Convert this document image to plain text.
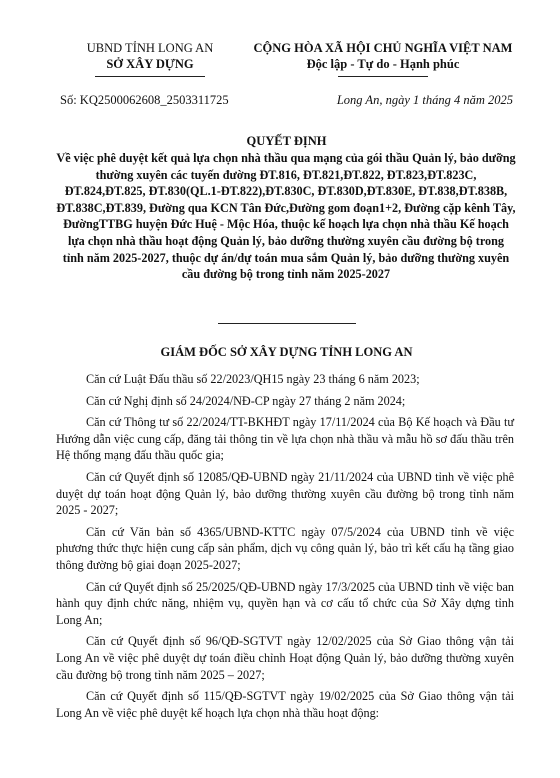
UBND TỈNH LONG AN
SỞ XÂY DỰNG
CỘNG HÒA XÃ HỘI CHỦ NGHĨA VIỆT NAM
Độc lập - Tự do - Hạnh phúc
Số: KQ2500062608_2503311725	Long An, ngày 1 tháng 4 năm 2025
QUYẾT ĐỊNH
Về việc phê duyệt kết quả lựa chọn nhà thầu qua mạng của gói thầu Quản lý, bảo dưỡng thường xuyên các tuyến đường ĐT.816, ĐT.821,ĐT.822, ĐT.823,ĐT.823C, ĐT.824,ĐT.825, ĐT.830(QL.1-ĐT.822),ĐT.830C, ĐT.830D,ĐT.830E, ĐT.838,ĐT.838B, ĐT.838C,ĐT.839, Đường qua KCN Tân Đức,Đường gom đoạn1+2, Đường cặp kênh Tây, ĐườngTTBG huyện Đức Huệ - Mộc Hóa, thuộc kế hoạch lựa chọn nhà thầu Kế hoạch lựa chọn nhà thầu hoạt động Quản lý, bảo dưỡng thường xuyên cầu đường bộ trong tỉnh năm 2025-2027, thuộc dự án/dự toán mua sắm Quản lý, bảo dưỡng thường xuyên cầu đường bộ trong tỉnh năm 2025-2027
GIÁM ĐỐC SỞ XÂY DỰNG TỈNH LONG AN

Căn cứ Luật Đấu thầu số 22/2023/QH15 ngày 23 tháng 6 năm 2023;

Căn cứ Nghị định số 24/2024/NĐ-CP ngày 27 tháng 2 năm 2024;

Căn cứ Thông tư số 22/2024/TT-BKHĐT ngày 17/11/2024 của Bộ Kế hoạch và Đầu tư Hướng dẫn việc cung cấp, đăng tải thông tin về lựa chọn nhà thầu và mẫu hồ sơ đấu thầu trên Hệ thống mạng đấu thầu quốc gia;

Căn cứ Quyết định số 12085/QĐ-UBND ngày 21/11/2024 của UBND tỉnh về việc phê duyệt dự toán hoạt động Quản lý, bảo dưỡng thường xuyên cầu đường bộ trong tỉnh năm 2025 - 2027;

Căn cứ Văn bản số 4365/UBND-KTTC ngày 07/5/2024 của UBND tỉnh về việc phương thức thực hiện cung cấp sản phẩm, dịch vụ công quản lý, bảo trì kết cấu hạ tầng giao thông đường bộ giai đoạn 2025-2027;

Căn cứ Quyết định số 25/2025/QĐ-UBND ngày 17/3/2025 của UBND tỉnh về việc ban hành quy định chức năng, nhiệm vụ, quyền hạn và cơ cấu tổ chức của Sở Xây dựng tỉnh Long An;

Căn cứ Quyết định số 96/QĐ-SGTVT ngày 12/02/2025 của Sở Giao thông vận tải Long An về việc phê duyệt dự toán điều chỉnh Hoạt động Quản lý, bảo dưỡng thường xuyên cầu đường bộ trong tỉnh năm 2025 – 2027;

Căn cứ Quyết định số 115/QĐ-SGTVT ngày 19/02/2025 của Sở Giao thông vận tải Long An về việc phê duyệt kế hoạch lựa chọn nhà thầu hoạt động:
